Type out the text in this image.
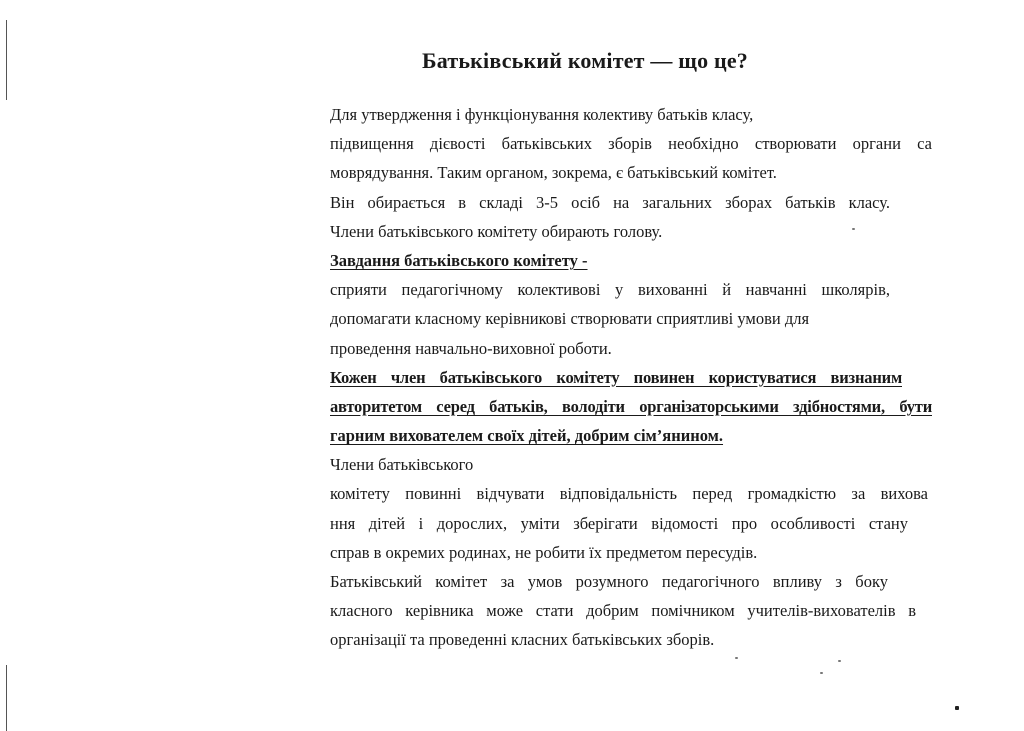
Батьківський комітет — що це?
Для утвердження і функціонування колективу батьків класу,
підвищення дієвості батьківських зборів необхідно створювати органи са
моврядування. Таким органом, зокрема, є батьківський комітет.
Він обирається в складі 3-5 осіб на загальних зборах батьків класу.
Члени батьківського комітету обирають голову.
Завдання батьківського комітету -
сприяти педагогічному колективові у вихованні й навчанні школярів,
допомагати класному керівникові створювати сприятливі умови для
проведення навчально-виховної роботи.
Кожен член батьківського комітету повинен користуватися визнаним
авторитетом серед батьків, володіти організаторськими здібностями, бути
гарним вихователем своїх дітей, добрим сім’янином.
Члени батьківського
комітету повинні відчувати відповідальність перед громадкістю за вихова
ння дітей і дорослих, уміти зберігати відомості про особливості стану
справ в окремих родинах, не робити їх предметом пересудів.
Батьківський комітет за умов розумного педагогічного впливу з боку
класного керівника може стати добрим помічником учителів-вихователів в
організації та проведенні класних батьківських зборів.
